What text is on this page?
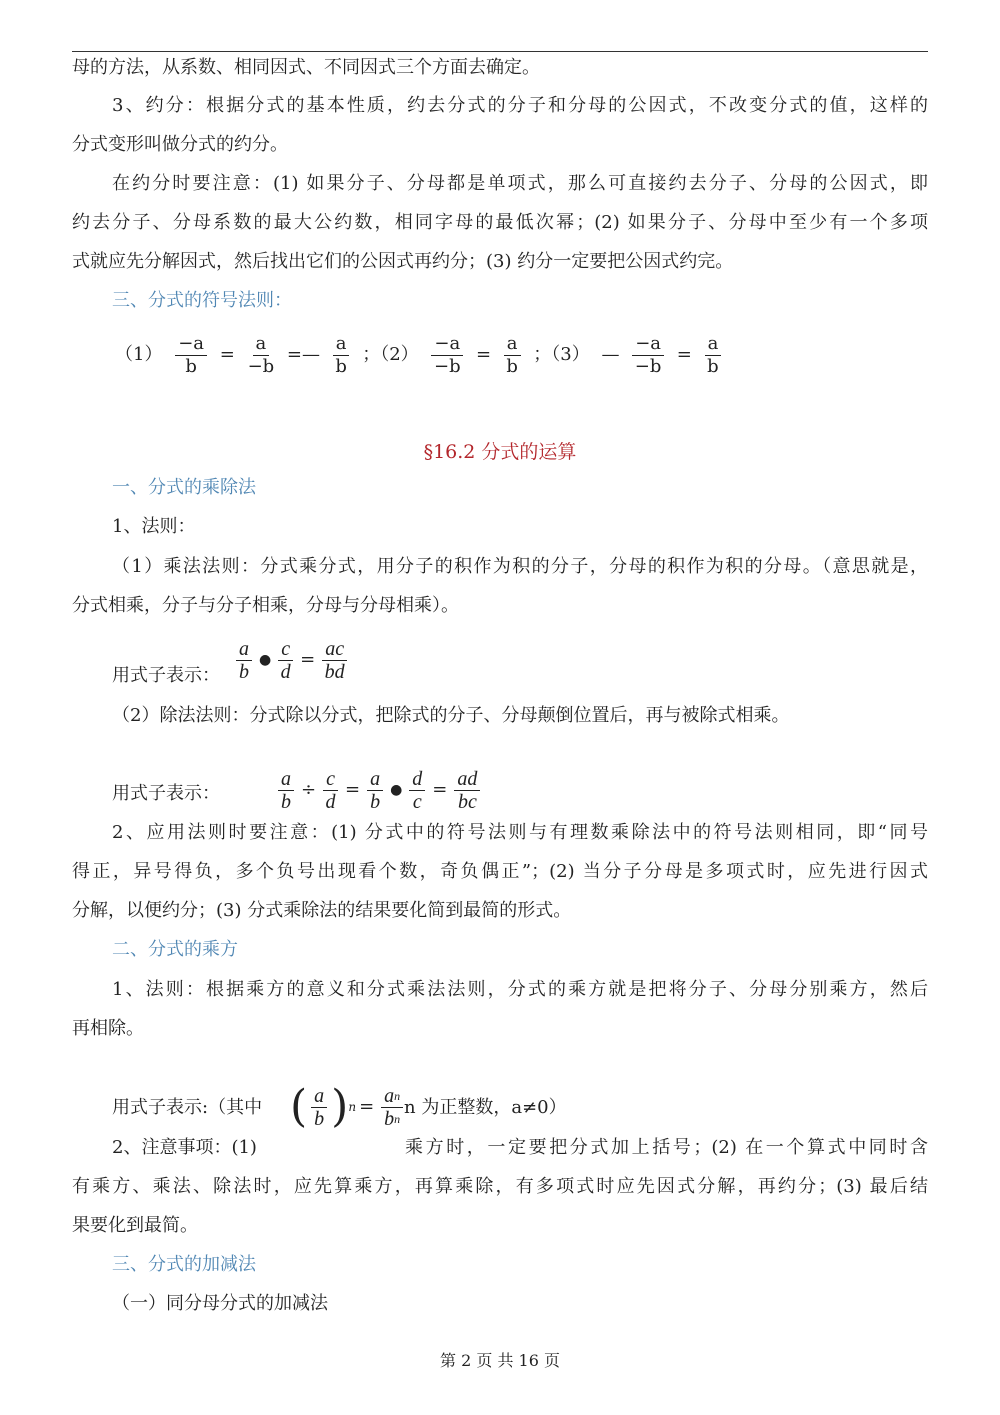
母的方法，从系数、相同因式、不同因式三个方面去确定。
3、约分：根据分式的基本性质，约去分式的分子和分母的公因式，不改变分式的值，这样的
分式变形叫做分式的约分。
在约分时要注意：(1) 如果分子、分母都是单项式，那么可直接约去分子、分母的公因式，即
约去分子、分母系数的最大公约数，相同字母的最低次幂；(2) 如果分子、分母中至少有一个多项
式就应先分解因式，然后找出它们的公因式再约分；(3) 约分一定要把公因式约完。
三、分式的符号法则：
$(1) \frac{-a}{b} = \frac{a}{-b}$ =— $\frac{a}{b}$ ；$(2) \frac{-a}{-b} = \frac{a}{b}$ ；（3） — $\frac{-a}{-b} = \frac{a}{b}$
§16.2 分式的运算
一、分式的乘除法
1、法则：
（1）乘法法则：分式乘分式，用分子的积作为积的分子，分母的积作为积的分母。（意思就是，
分式相乘，分子与分子相乘，分母与分母相乘）。
用式子表示： $\frac{a}{b}$ ● $\frac{c}{d} = \frac{ac}{bd}$
（2）除法法则：分式除以分式，把除式的分子、分母颠倒位置后，再与被除式相乘。
用式子表示：	$\frac{a}{b} \div \frac{c}{d} = \frac{a}{b}$ ● $\frac{d}{c} = \frac{ad}{bc}$
2、应用法则时要注意：(1) 分式中的符号法则与有理数乘除法中的符号法则相同，即“同号
得正，异号得负，多个负号出现看个数，奇负偶正”；(2) 当分子分母是多项式时，应先进行因式
分解，以便约分；(3) 分式乘除法的结果要化简到最简的形式。
二、分式的乘方
1、法则：根据乘方的意义和分式乘法法则，分式的乘方就是把将分子、分母分别乘方，然后
再相除。
用式子表示:（其中 ( $\frac{a}{b} )^n = \frac{a^n}{b^n}$ n 为正整数，a≠0）
2、注意事项：(1)	乘方时，一定要把分式加上括号；(2) 在一个算式中同时含
有乘方、乘法、除法时，应先算乘方，再算乘除，有多项式时应先因式分解，再约分；(3) 最后结
果要化到最简。
三、分式的加减法
（一）同分母分式的加减法
第 2 页 共 16 页
